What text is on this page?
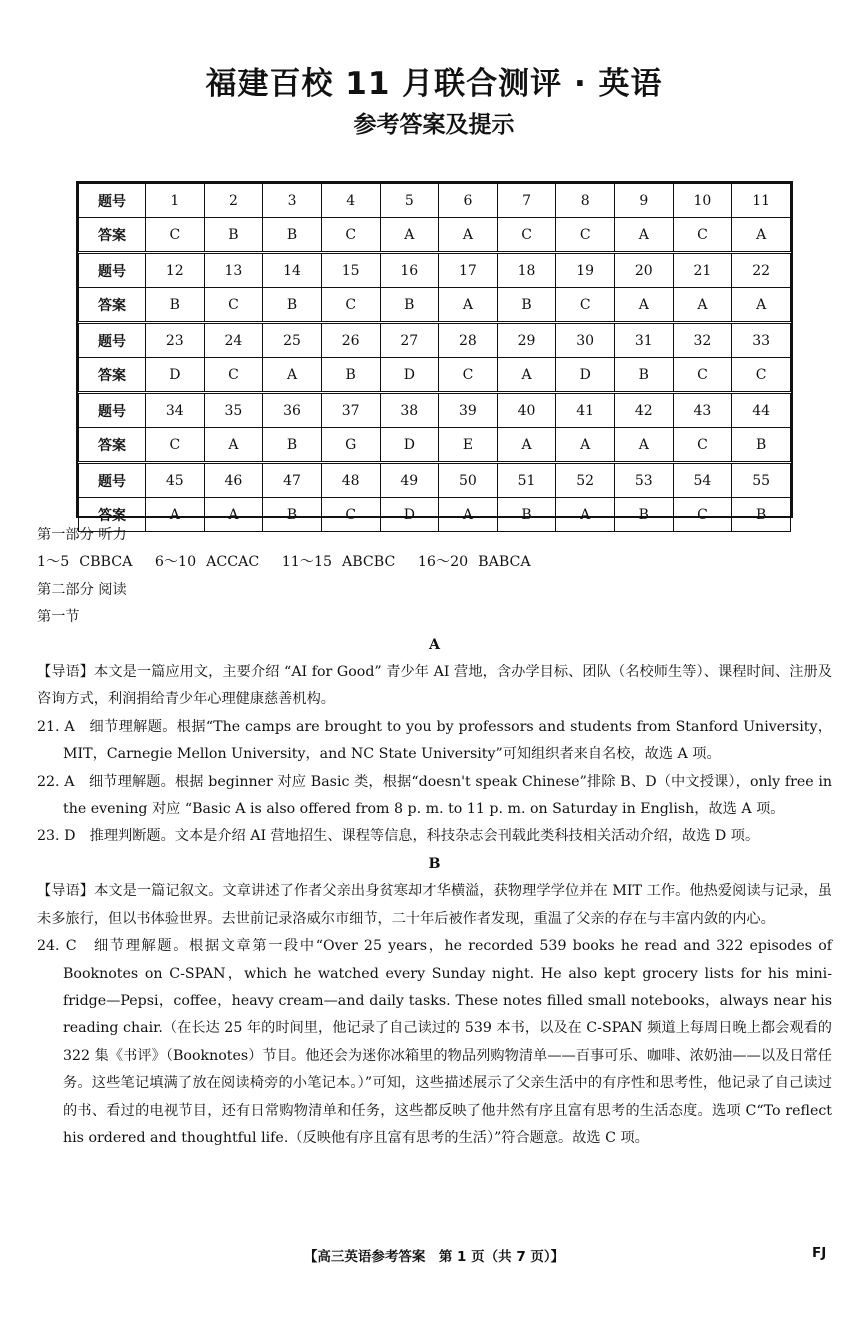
福建百校 11 月联合测评 · 英语
参考答案及提示
题号	1	2	3	4	5	6	7	8	9	10	11
答案	C	B	B	C	A	A	C	C	A	C	A
题号	12	13	14	15	16	17	18	19	20	21	22
答案	B	C	B	C	B	A	B	C	A	A	A
题号	23	24	25	26	27	28	29	30	31	32	33
答案	D	C	A	B	D	C	A	D	B	C	C
题号	34	35	36	37	38	39	40	41	42	43	44
答案	C	A	B	G	D	E	A	A	A	C	B
题号	45	46	47	48	49	50	51	52	53	54	55
答案	A	A	B	C	D	A	B	A	B	C	B

第一部分 听力

1～5 CBBCA 6～10 ACCAC 11～15 ABCBC 16～20 BABCA

第二部分 阅读

第一节

A

【导语】本文是一篇应用文，主要介绍 “AI for Good” 青少年 AI 营地，含办学目标、团队（名校师生等）、课程时间、注册及咨询方式，利润捐给青少年心理健康慈善机构。

21. A　细节理解题。根据“The camps are brought to you by professors and students from Stanford University，MIT，Carnegie Mellon University，and NC State University”可知组织者来自名校，故选 A 项。

22. A　细节理解题。根据 beginner 对应 Basic 类，根据“doesn't speak Chinese”排除 B、D（中文授课），only free in the evening 对应 “Basic A is also offered from 8 p. m. to 11 p. m. on Saturday in English，故选 A 项。

23. D　推理判断题。文本是介绍 AI 营地招生、课程等信息，科技杂志会刊载此类科技相关活动介绍，故选 D 项。

B

【导语】本文是一篇记叙文。文章讲述了作者父亲出身贫寒却才华横溢，获物理学学位并在 MIT 工作。他热爱阅读与记录，虽未多旅行，但以书体验世界。去世前记录洛威尔市细节，二十年后被作者发现，重温了父亲的存在与丰富内敛的内心。

24. C　细节理解题。根据文章第一段中“Over 25 years，he recorded 539 books he read and 322 episodes of Booknotes on C-SPAN，which he watched every Sunday night. He also kept grocery lists for his mini-fridge—Pepsi，coffee，heavy cream—and daily tasks. These notes filled small notebooks，always near his reading chair.（在长达 25 年的时间里，他记录了自己读过的 539 本书，以及在 C-SPAN 频道上每周日晚上都会观看的 322 集《书评》（Booknotes）节目。他还会为迷你冰箱里的物品列购物清单——百事可乐、咖啡、浓奶油——以及日常任务。这些笔记填满了放在阅读椅旁的小笔记本。）”可知，这些描述展示了父亲生活中的有序性和思考性，他记录了自己读过的书、看过的电视节目，还有日常购物清单和任务，这些都反映了他井然有序且富有思考的生活态度。选项 C“To reflect his ordered and thoughtful life.（反映他有序且富有思考的生活）”符合题意。故选 C 项。

【高三英语参考答案　第 1 页（共 7 页）】	FJ
